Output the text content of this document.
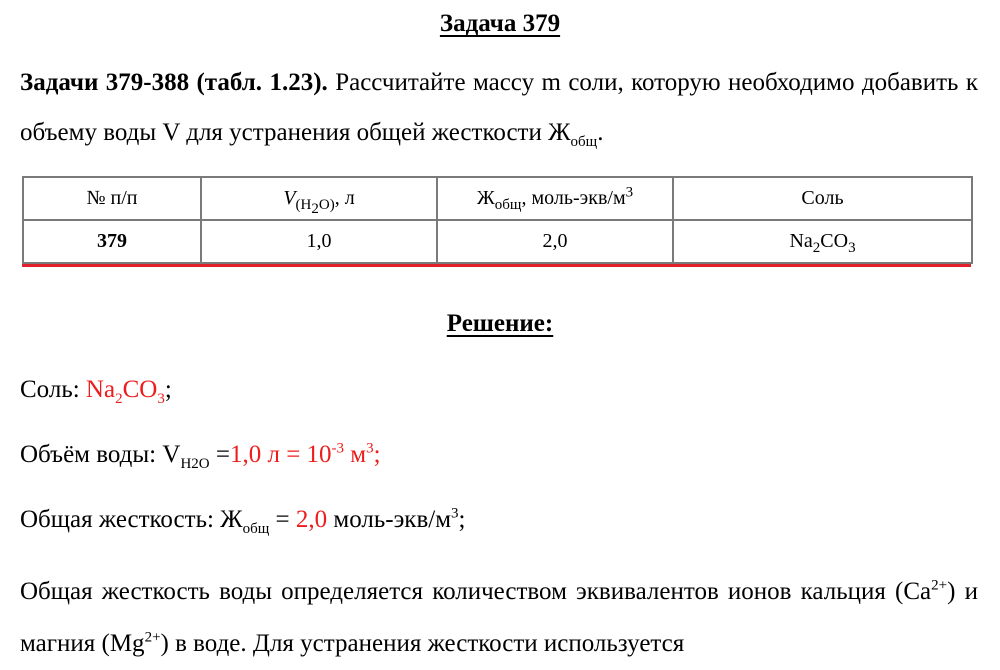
Задача 379
Задачи 379-388 (табл. 1.23). Рассчитайте массу m соли, которую необходимо добавить к объему воды V для устранения общей жесткости $Ж_{общ}$.
№ п/п	$V_{(H_2O)}$, л	$Ж_{общ}$, моль-$экв/м^3$	Соль
379	1,0	2,0	$Na_2CO_3$
Решение:
Соль: $Na_2CO_3$;
Объём воды: $V_{H2O} =1,0$ $л = 10^{-3}$ $м^3$;
Общая жесткость: $Ж_{общ} = 2,0$ моль-$экв/м^3$;
Общая жесткость воды определяется количеством эквивалентов ионов кальция $(Ca^{2+})$ и магния $(Mg^{2+})$ в воде. Для устранения жесткости используется
